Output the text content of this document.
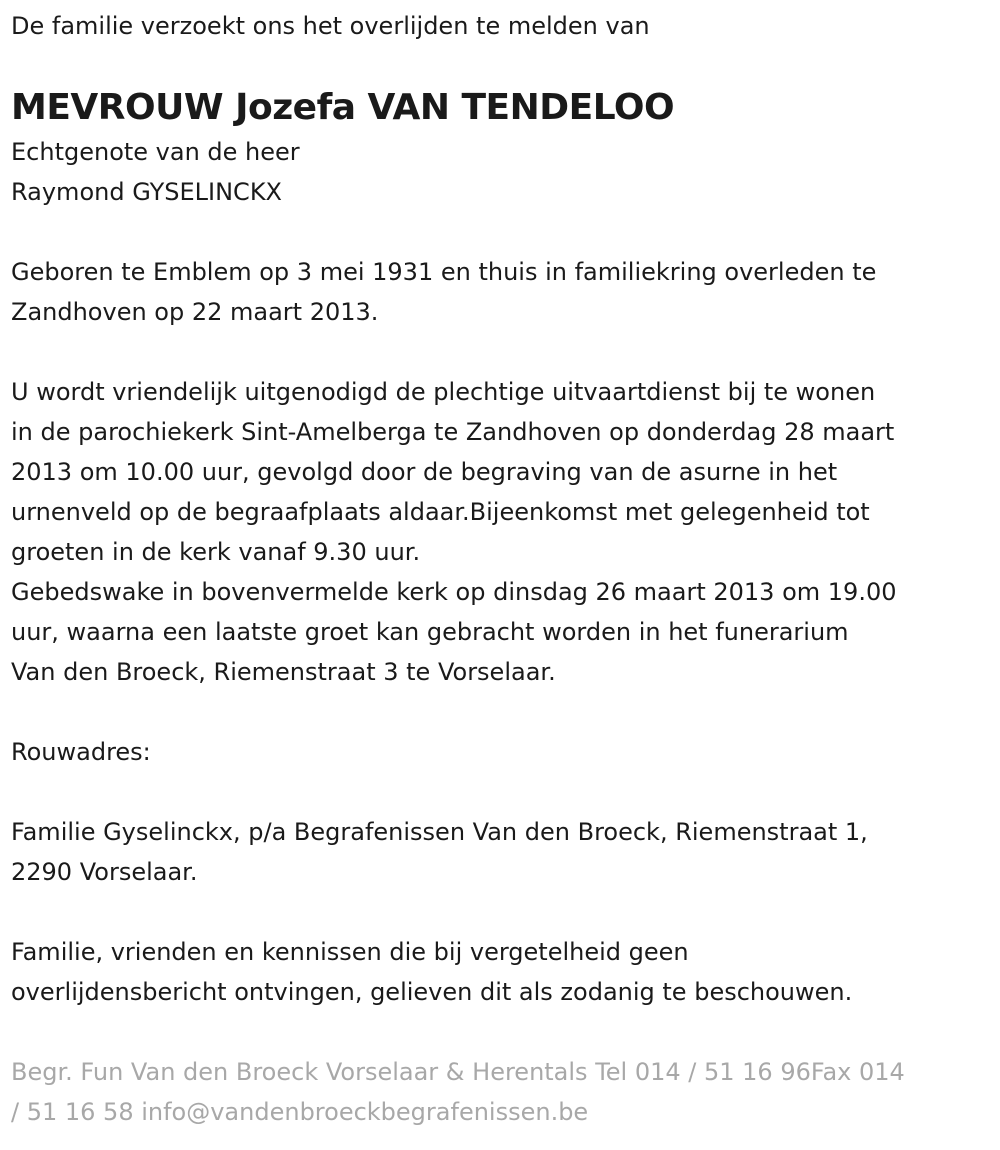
De familie verzoekt ons het overlijden te melden van
MEVROUW Jozefa VAN TENDELOO
Echtgenote van de heer
Raymond GYSELINCKX
Geboren te Emblem op 3 mei 1931 en thuis in familiekring overleden te
Zandhoven op 22 maart 2013.
U wordt vriendelijk uitgenodigd de plechtige uitvaartdienst bij te wonen
in de parochiekerk Sint-Amelberga te Zandhoven op donderdag 28 maart
2013 om 10.00 uur, gevolgd door de begraving van de asurne in het
urnenveld op de begraafplaats aldaar.Bijeenkomst met gelegenheid tot
groeten in de kerk vanaf 9.30 uur.
Gebedswake in bovenvermelde kerk op dinsdag 26 maart 2013 om 19.00
uur, waarna een laatste groet kan gebracht worden in het funerarium
Van den Broeck, Riemenstraat 3 te Vorselaar.
Rouwadres:
Familie Gyselinckx, p/a Begrafenissen Van den Broeck, Riemenstraat 1,
2290 Vorselaar.
Familie, vrienden en kennissen die bij vergetelheid geen
overlijdensbericht ontvingen, gelieven dit als zodanig te beschouwen.
Begr. Fun Van den Broeck Vorselaar & Herentals Tel 014 / 51 16 96Fax 014
/ 51 16 58 info@vandenbroeckbegrafenissen.be
